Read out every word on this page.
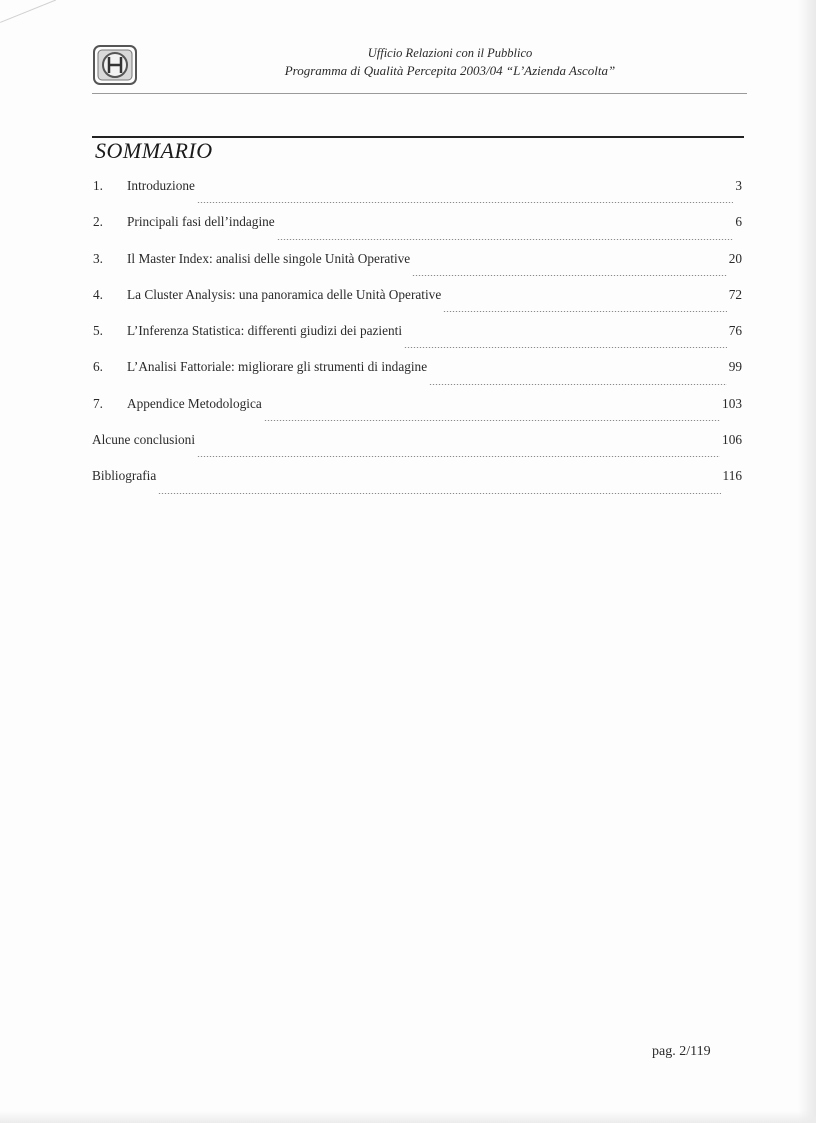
Ufficio Relazioni con il Pubblico
Programma di Qualità Percepita 2003/04 “L’Azienda Ascolta”
SOMMARIO
1.	Introduzione	3
2.	Principali fasi dell’indagine	6
3.	Il Master Index: analisi delle singole Unità Operative	20
4.	La Cluster Analysis: una panoramica delle Unità Operative	72
5.	L’Inferenza Statistica: differenti giudizi dei pazienti	76
6.	L’Analisi Fattoriale: migliorare gli strumenti di indagine	99
7.	Appendice Metodologica	103
Alcune conclusioni	106
Bibliografia	116
pag. 2/119
